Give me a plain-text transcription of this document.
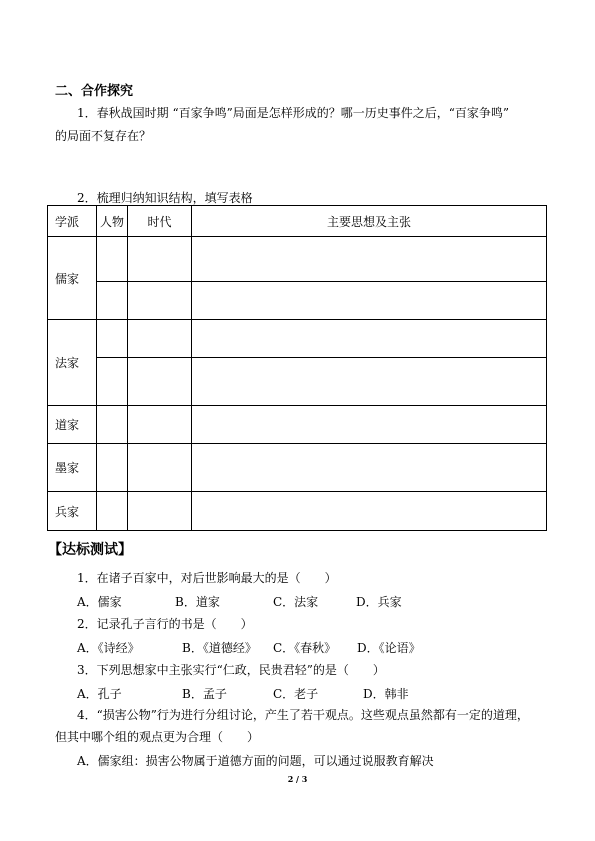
二、合作探究
1．春秋战国时期 “百家争鸣”局面是怎样形成的？哪一历史事件之后，“百家争鸣”
的局面不复存在？
2．梳理归纳知识结构，填写表格
学派	人物	时代	主要思想及主张
儒家			

法家			

道家			
墨家			
兵家			
【达标测试】
1．在诸子百家中，对后世影响最大的是（　　）
A．儒家	B．道家	C．法家	D．兵家
2．记录孔子言行的书是（　　）
A．《诗经》	B．《道德经》 C．《春秋》 D．《论语》
3．下列思想家中主张实行“仁政，民贵君轻”的是（　　）
A．孔子	B．孟子	C．老子	D．韩非
4．“损害公物”行为进行分组讨论，产生了若干观点。这些观点虽然都有一定的道理，
但其中哪个组的观点更为合理（　　）
A．儒家组：损害公物属于道德方面的问题，可以通过说服教育解决
2 / 3
